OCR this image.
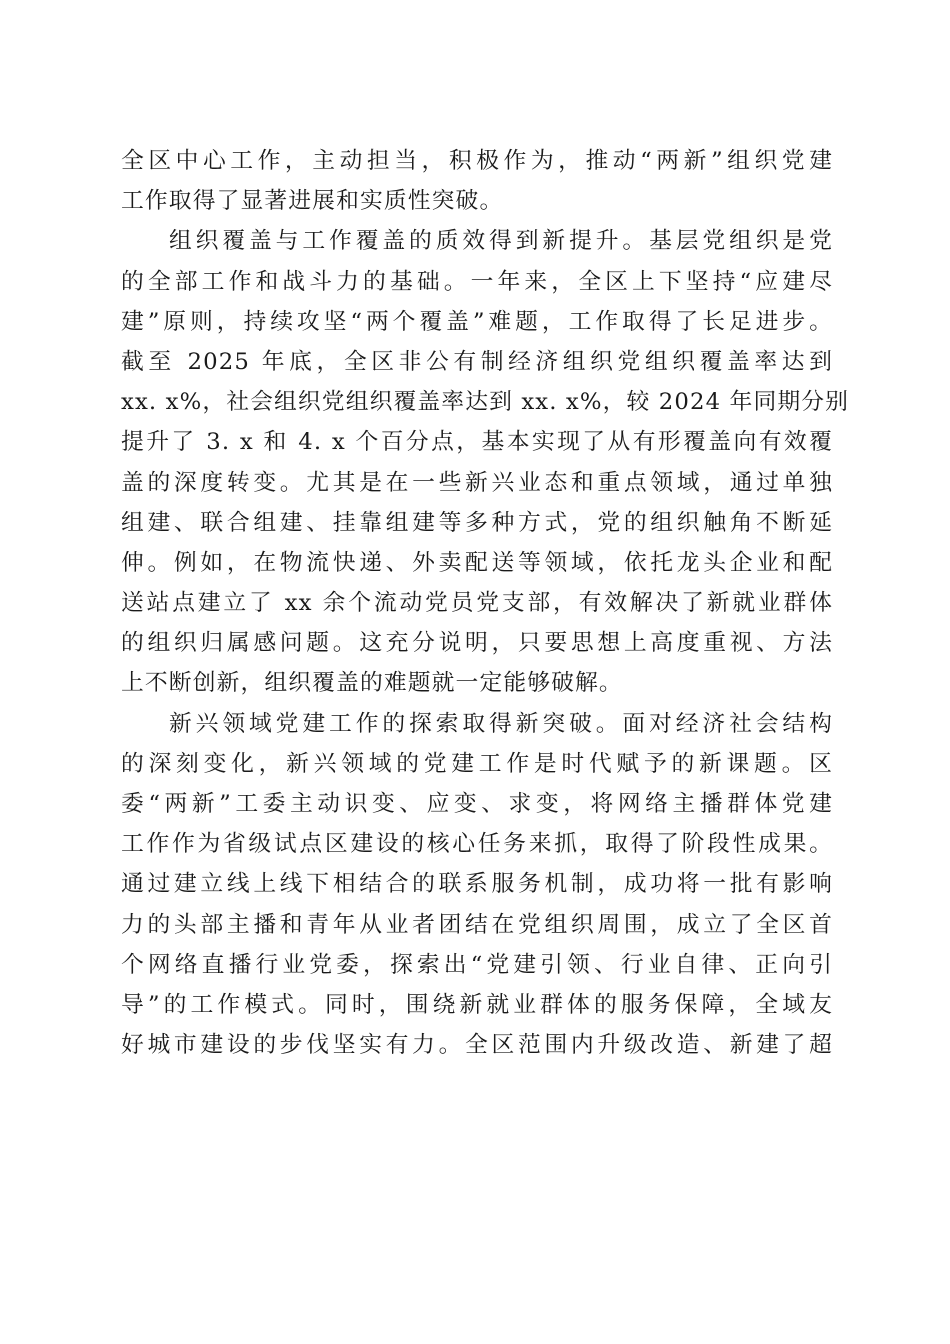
全区中心工作，主动担当，积极作为，推动“两新”组织党建
工作取得了显著进展和实质性突破。
组织覆盖与工作覆盖的质效得到新提升。基层党组织是党
的全部工作和战斗力的基础。一年来，全区上下坚持“应建尽
建”原则，持续攻坚“两个覆盖”难题，工作取得了长足进步。
截至 2025 年底，全区非公有制经济组织党组织覆盖率达到
xx. x%，社会组织党组织覆盖率达到 xx. x%，较 2024 年同期分别
提升了 3. x 和 4. x 个百分点，基本实现了从有形覆盖向有效覆
盖的深度转变。尤其是在一些新兴业态和重点领域，通过单独
组建、联合组建、挂靠组建等多种方式，党的组织触角不断延
伸。例如，在物流快递、外卖配送等领域，依托龙头企业和配
送站点建立了 xx 余个流动党员党支部，有效解决了新就业群体
的组织归属感问题。这充分说明，只要思想上高度重视、方法
上不断创新，组织覆盖的难题就一定能够破解。
新兴领域党建工作的探索取得新突破。面对经济社会结构
的深刻变化，新兴领域的党建工作是时代赋予的新课题。区
委“两新”工委主动识变、应变、求变，将网络主播群体党建
工作作为省级试点区建设的核心任务来抓，取得了阶段性成果。
通过建立线上线下相结合的联系服务机制，成功将一批有影响
力的头部主播和青年从业者团结在党组织周围，成立了全区首
个网络直播行业党委，探索出“党建引领、行业自律、正向引
导”的工作模式。同时，围绕新就业群体的服务保障，全域友
好城市建设的步伐坚实有力。全区范围内升级改造、新建了超
